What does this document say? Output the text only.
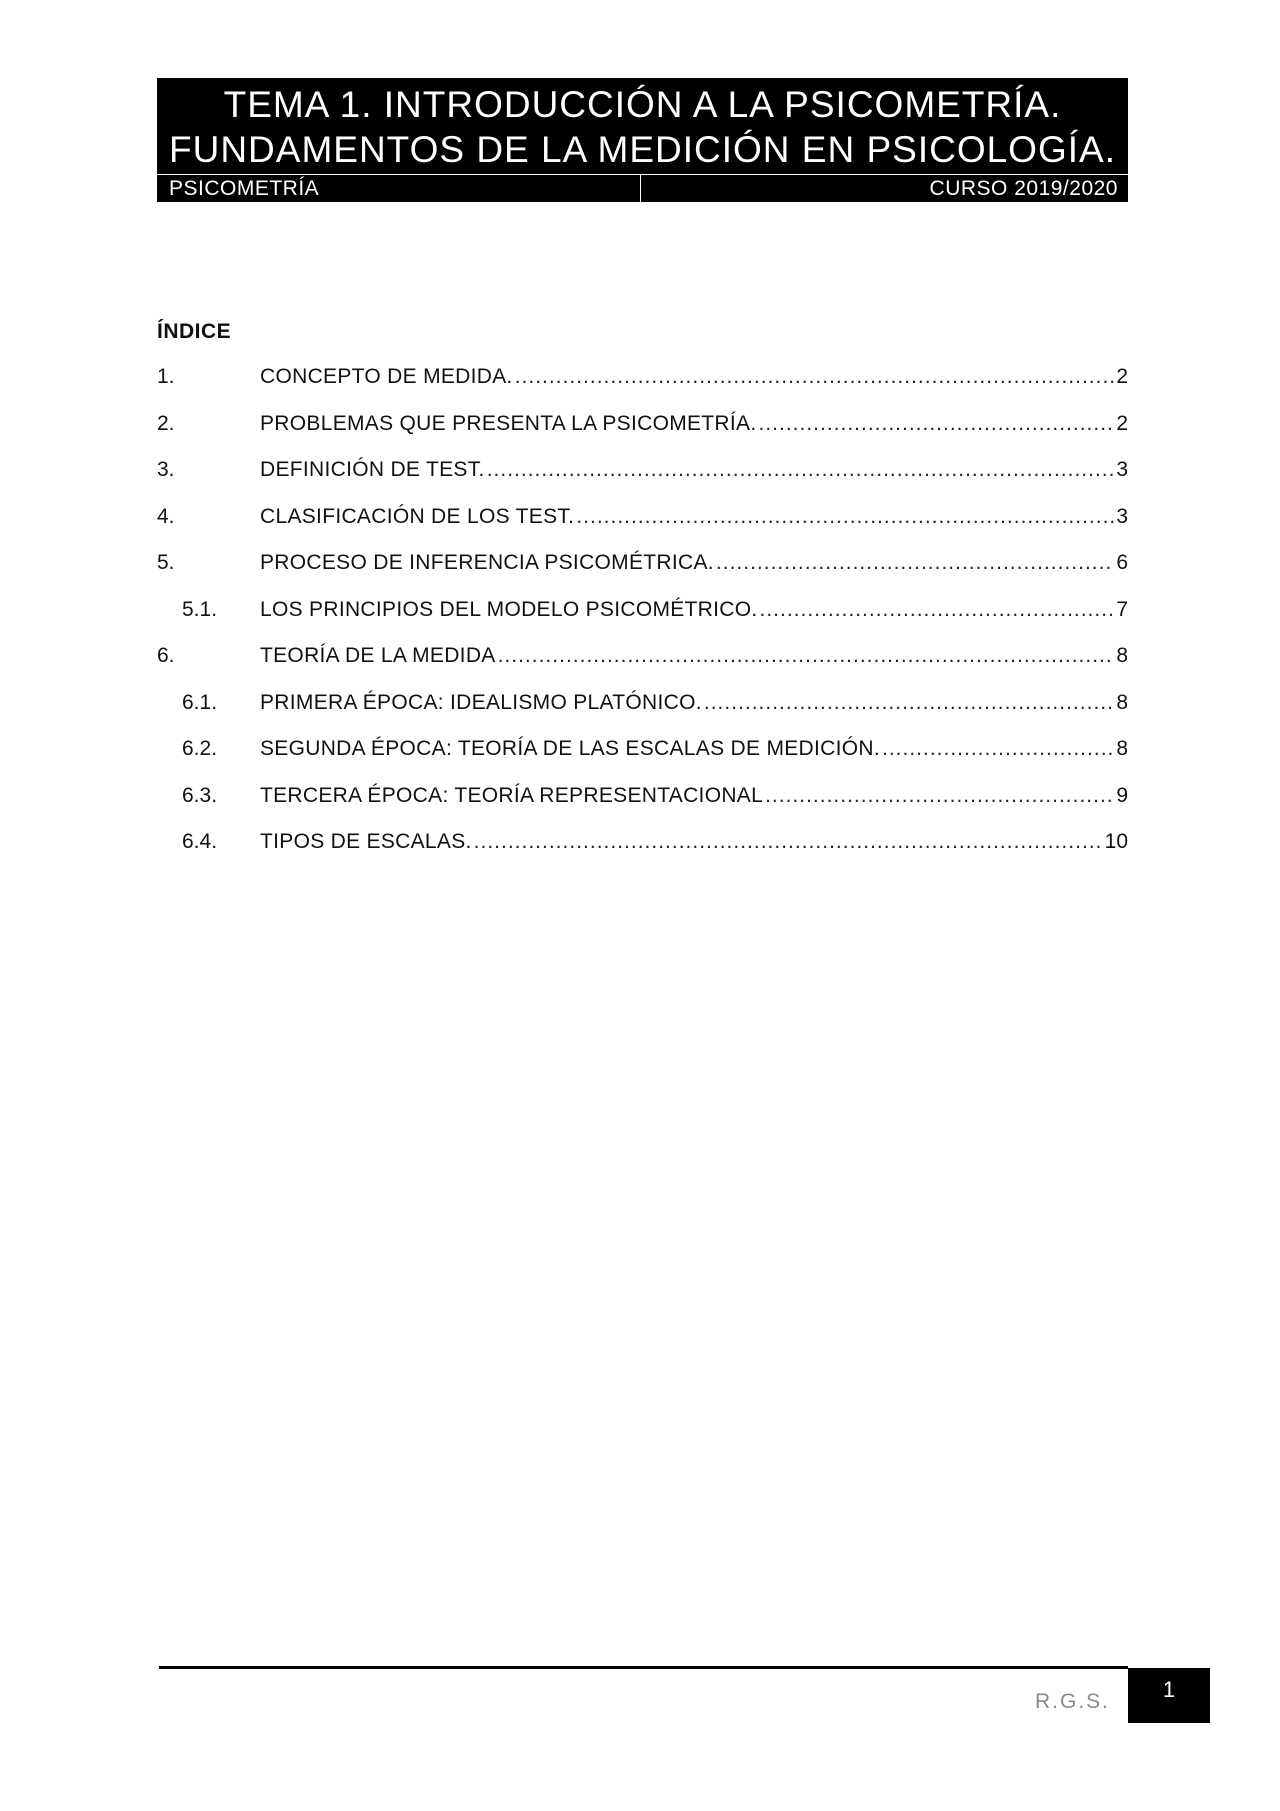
TEMA 1. INTRODUCCIÓN A LA PSICOMETRÍA.
FUNDAMENTOS DE LA MEDICIÓN EN PSICOLOGÍA.
PSICOMETRÍA	CURSO 2019/2020
ÍNDICE
1.	CONCEPTO DE MEDIDA. .....	2
2.	PROBLEMAS QUE PRESENTA LA PSICOMETRÍA. .....	2
3.	DEFINICIÓN DE TEST. .....	3
4.	CLASIFICACIÓN DE LOS TEST. .....	3
5.	PROCESO DE INFERENCIA PSICOMÉTRICA. .....	6
5.1.	LOS PRINCIPIOS DEL MODELO PSICOMÉTRICO. .....	7
6.	TEORÍA DE LA MEDIDA .....	8
6.1.	PRIMERA ÉPOCA: IDEALISMO PLATÓNICO. .....	8
6.2.	SEGUNDA ÉPOCA: TEORÍA DE LAS ESCALAS DE MEDICIÓN. .....	8
6.3.	TERCERA ÉPOCA: TEORÍA REPRESENTACIONAL .....	9
6.4.	TIPOS DE ESCALAS. .....	10
R.G.S.	1
